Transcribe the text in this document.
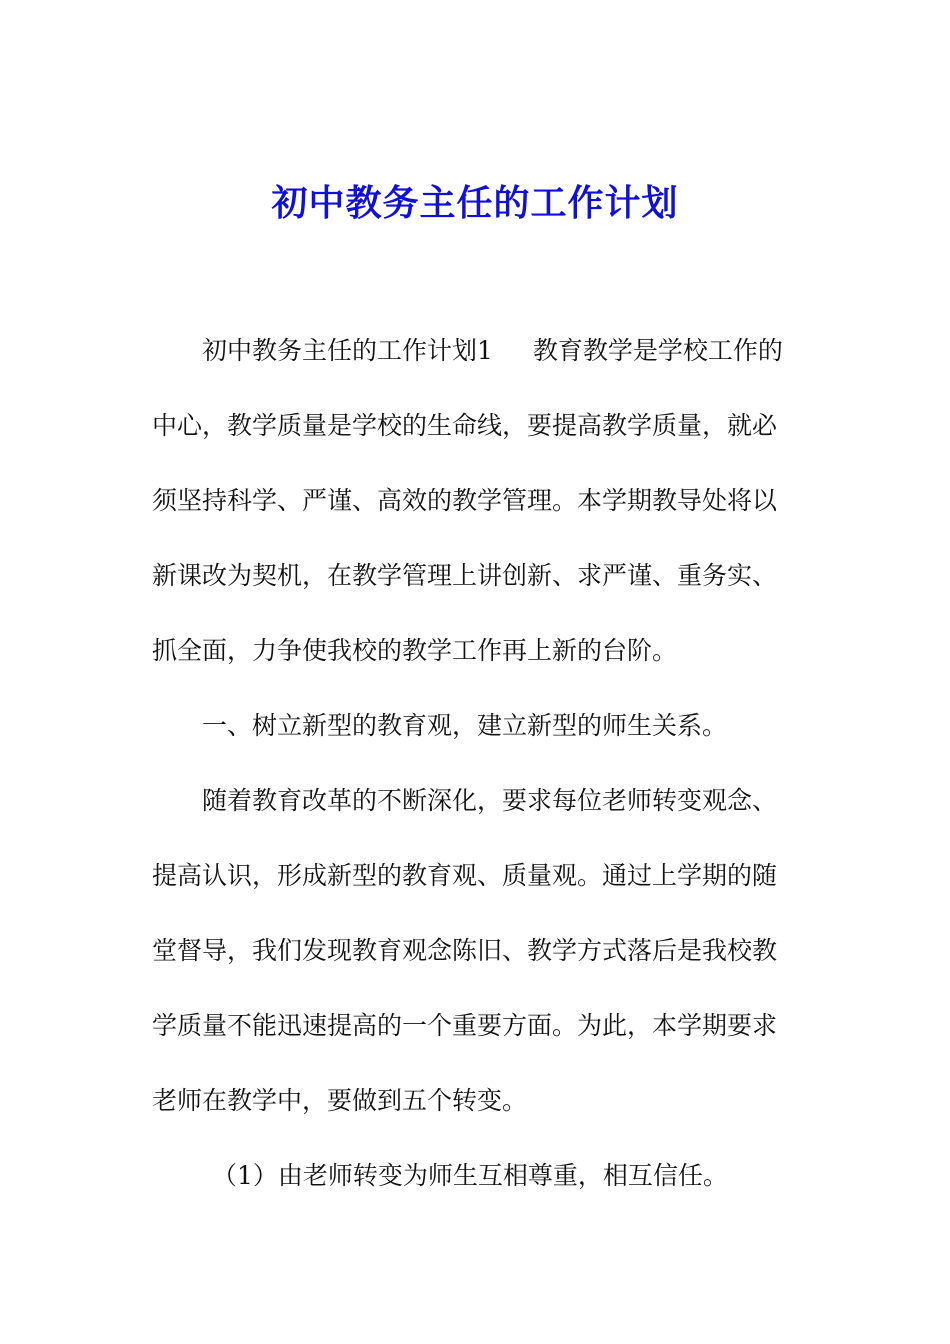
初中教务主任的工作计划
初中教务主任的工作计划1 教育教学是学校工作的
中心，教学质量是学校的生命线，要提高教学质量，就必
须坚持科学、严谨、高效的教学管理。本学期教导处将以
新课改为契机，在教学管理上讲创新、求严谨、重务实、
抓全面，力争使我校的教学工作再上新的台阶。
一、树立新型的教育观，建立新型的师生关系。
随着教育改革的不断深化，要求每位老师转变观念、
提高认识，形成新型的教育观、质量观。通过上学期的随
堂督导，我们发现教育观念陈旧、教学方式落后是我校教
学质量不能迅速提高的一个重要方面。为此，本学期要求
老师在教学中，要做到五个转变。
（1）由老师转变为师生互相尊重，相互信任。
